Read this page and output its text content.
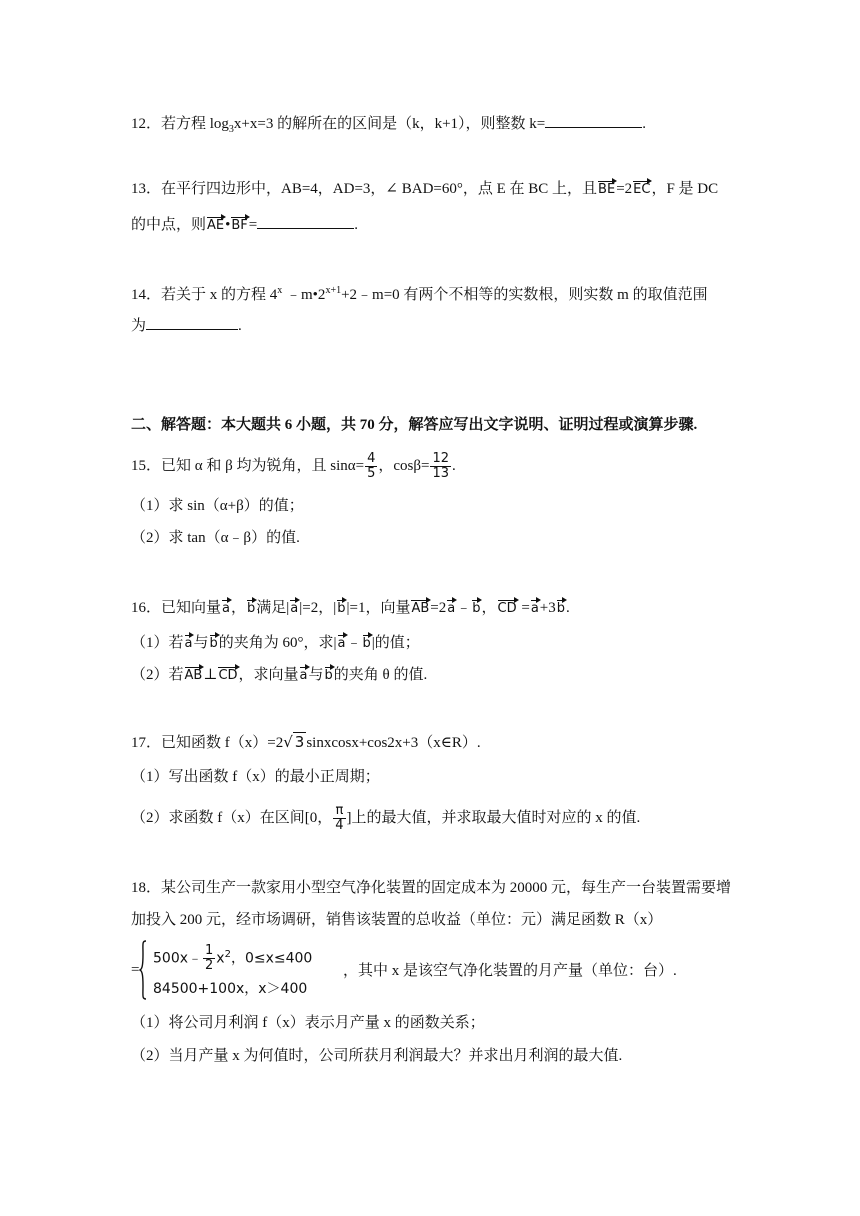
12．若方程 $\log_3x+x=3$ 的解所在的区间是（k，k+1），则整数 k=	.
13．在平行四边形中，AB=4，AD=3，∠ BAD=60°，点 E 在 BC 上，且BE=2EC，F 是 DC
的中点，则AE•BF=	.
14．若关于 x 的方程 4$^x$ $﹣m•2^{x+1}+2﹣m=0$ 有两个不相等的实数根，则实数 m 的取值范围
为	.
二、解答题：本大题共 6 小题，共 70 分，解答应写出文字说明、证明过程或演算步骤.
15．已知 α 和 β 均为锐角，且 $\sin\alpha= \frac{4}{5}$ ，$\cos\beta= \frac{12}{13}$ .
（1）求 sin（α+β）的值；
（2）求 tan（α﹣β）的值.
16．已知向量a，b满足|a|=2，|b|=1，向量AB=2a﹣b，CD =a+3b.
（1）若a与b的夹角为 60°，求|a﹣b|的值；
（2）若AB⊥CD，求向量a与b的夹角 θ 的值.
17．已知函数 f（x）=2√ 3 sinxcosx+cos2x+3（x∈R）.
（1）写出函数 f（x）的最小正周期；
（2）求函数 f（x）在区间[0， $\frac{\pi}{4}$ ]上的最大值，并求取最大值时对应的 x 的值.
18．某公司生产一款家用小型空气净化装置的固定成本为 20000 元，每生产一台装置需要增
加投入 200 元，经市场调研，销售该装置的总收益（单位：元）满足函数 R（x）
=
500x﹣ $\frac{1}{2} x^2$，0≤x≤400
84500+100x，x＞400
，其中 x 是该空气净化装置的月产量（单位：台）.
（1）将公司月利润 f（x）表示月产量 x 的函数关系；
（2）当月产量 x 为何值时，公司所获月利润最大？并求出月利润的最大值.
